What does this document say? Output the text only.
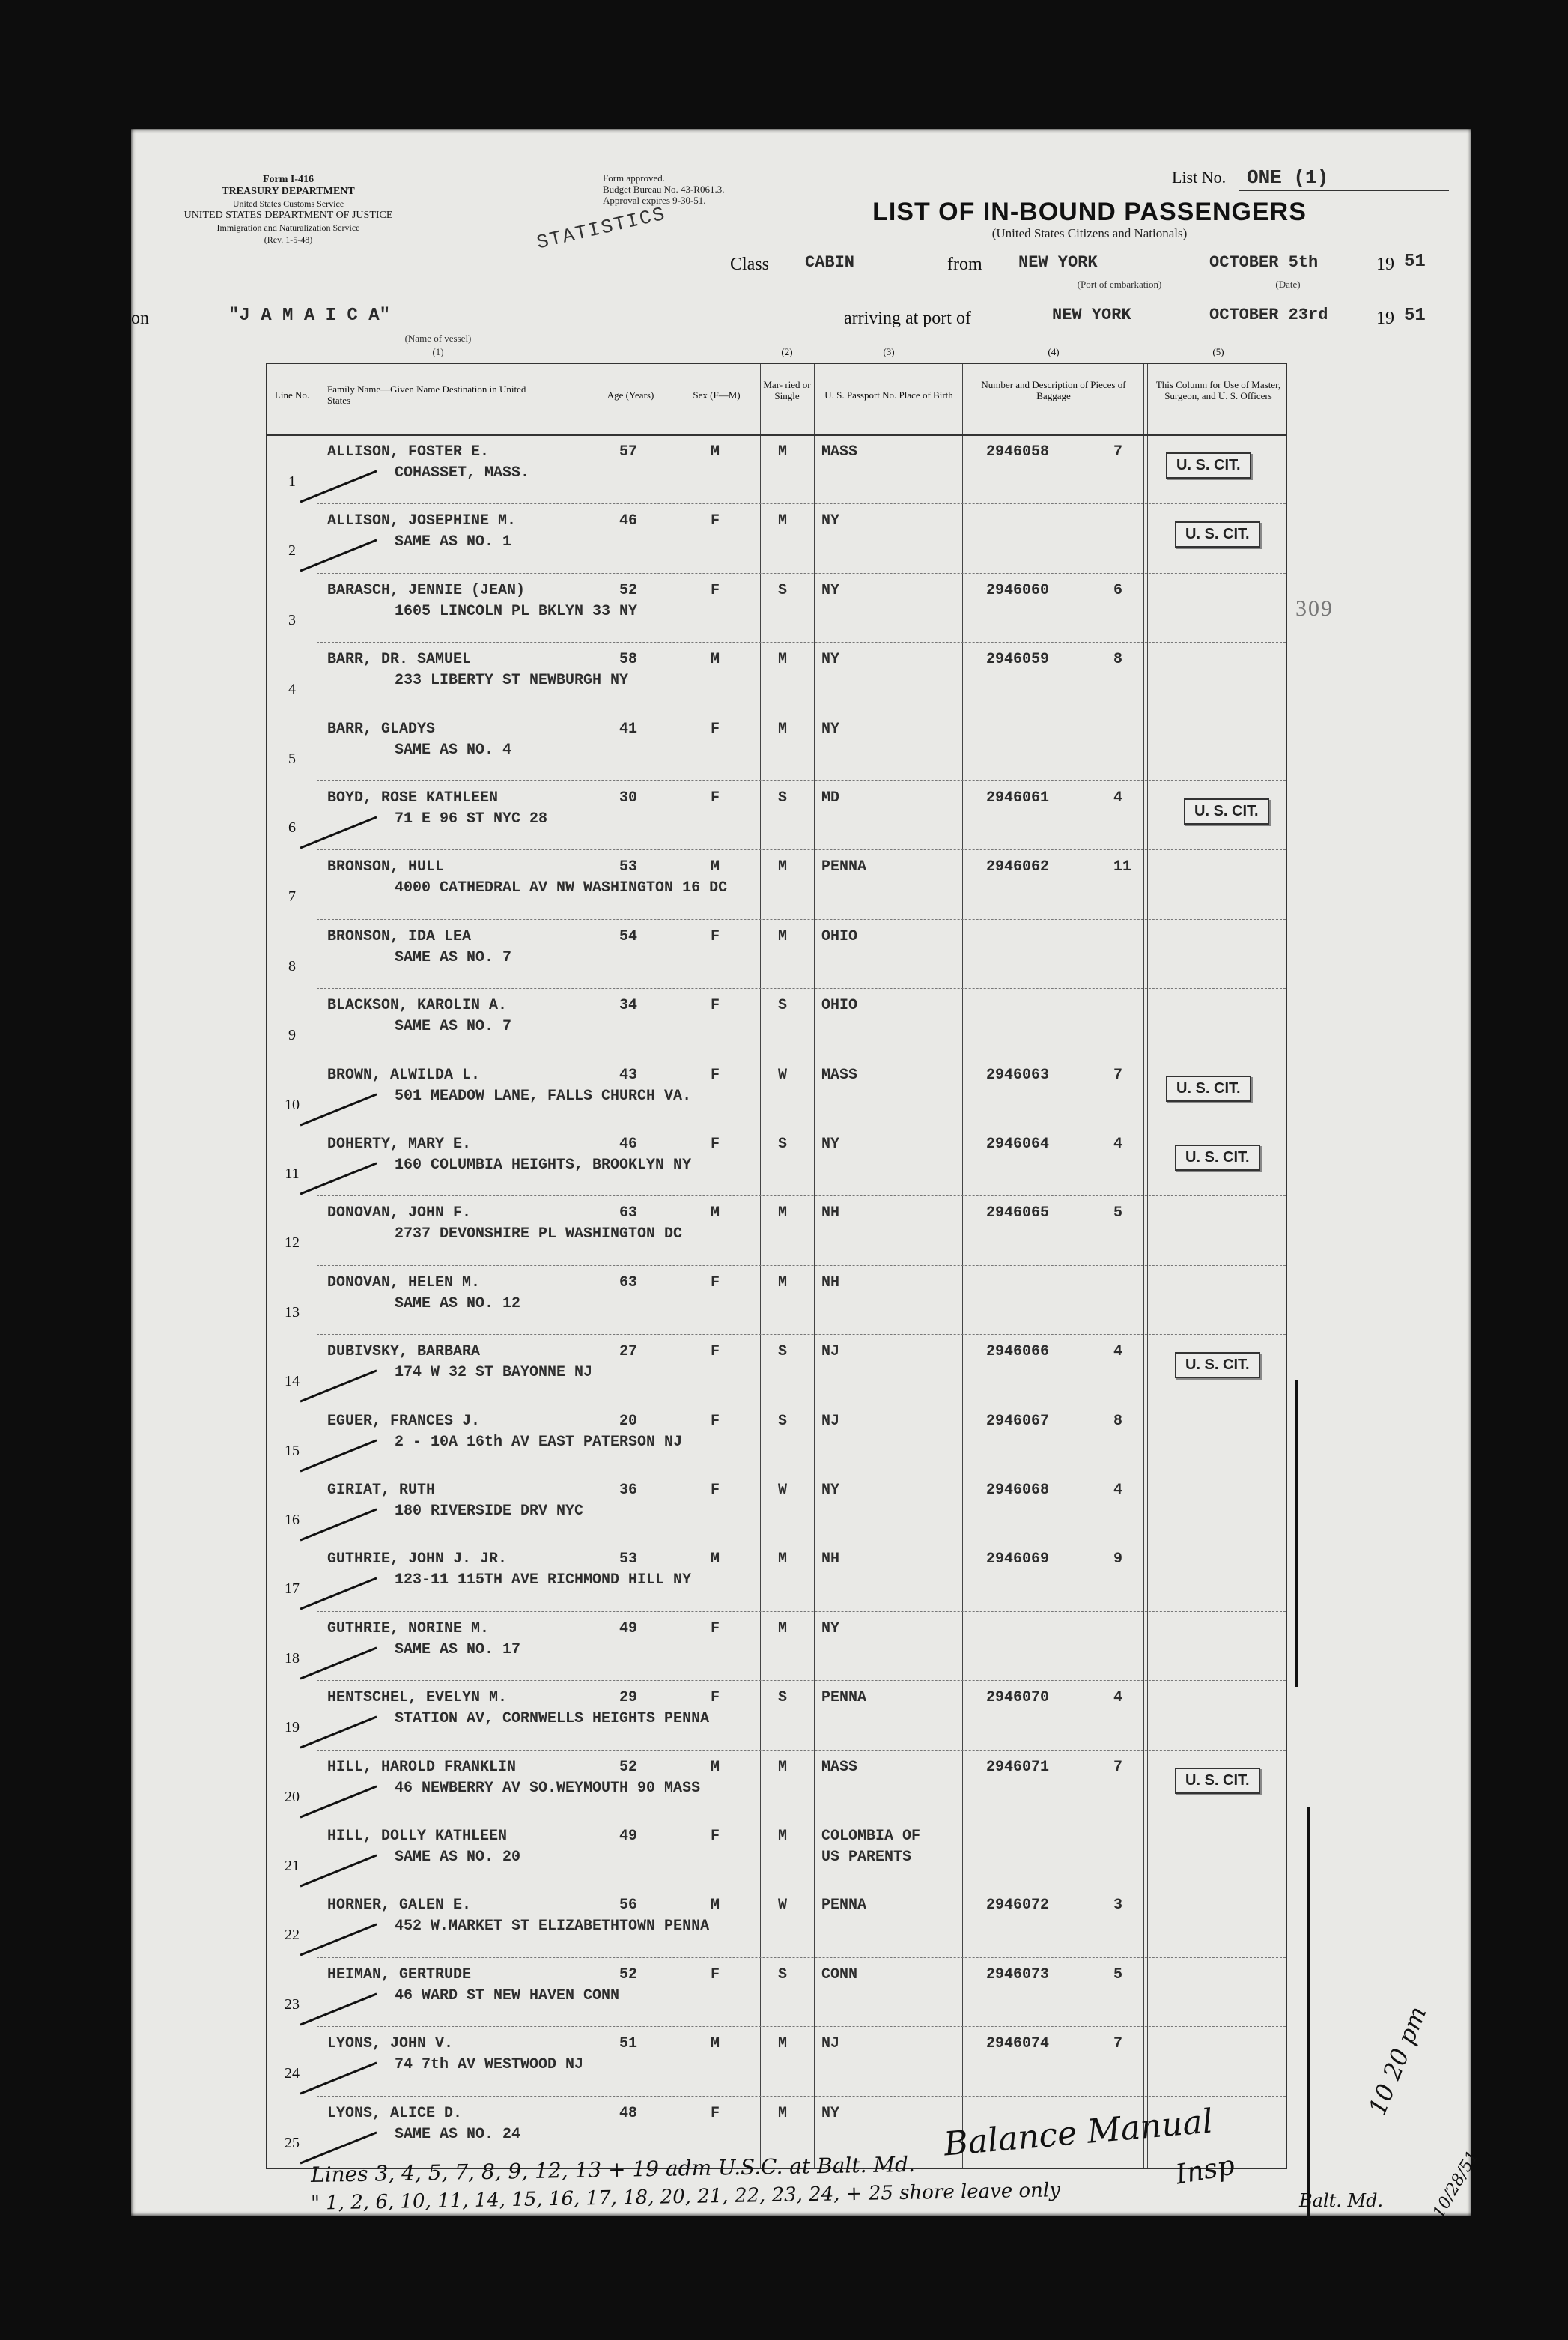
Form I-416
TREASURY DEPARTMENT
United States Customs Service
UNITED STATES DEPARTMENT OF JUSTICE
Immigration and Naturalization Service
(Rev. 1-5-48)
Form approved.
Budget Bureau No. 43-R061.3.
Approval expires 9-30-51.
STATISTICS
List No. ONE (1)
LIST OF IN-BOUND PASSENGERS
(United States Citizens and Nationals)
Class CABIN	from NEW YORK
(Port of embarkation)
OCTOBER 5th
(Date)
19 51
on	"J A M A I C A"
(Name of vessel)
(1)
arriving at port of	NEW YORK	OCTOBER 23rd	19 51
Line No.
Family Name—Given Name Destination in United States	Age (Years)	Sex (F—M)
Mar- ried or Single	U. S. Passport No. Place of Birth
Number and Description of Pieces of Baggage
This Column for Use of Master, Surgeon, and U. S. Officers
(2)	(3)	(4)	(5)
1
ALLISON, FOSTER E.
COHASSET, MASS.
57	M	M MASS	2946058	7
U. S. CIT.
2
ALLISON, JOSEPHINE M.
SAME AS NO. 1
46	F	M NY
U. S. CIT.
3
BARASCH, JENNIE (JEAN)
1605 LINCOLN PL BKLYN 33 NY
52	F	S NY	2946060	6
4
BARR, DR. SAMUEL
233 LIBERTY ST NEWBURGH NY
58	M	M NY	2946059	8
5
BARR, GLADYS
SAME AS NO. 4
41	F	M NY
6
BOYD, ROSE KATHLEEN
71 E 96 ST NYC 28
30	F	S MD	2946061	4
U. S. CIT.
7
BRONSON, HULL
4000 CATHEDRAL AV NW WASHINGTON 16 DC
53	M	M PENNA	2946062	11
8
BRONSON, IDA LEA
SAME AS NO. 7
54	F	M OHIO
9
BLACKSON, KAROLIN A.
SAME AS NO. 7
34	F	S OHIO
10
BROWN, ALWILDA L.
501 MEADOW LANE, FALLS CHURCH VA.
43	F	W MASS	2946063	7
U. S. CIT.
11
DOHERTY, MARY E.
160 COLUMBIA HEIGHTS, BROOKLYN NY
46	F	S NY	2946064	4
U. S. CIT.
12
DONOVAN, JOHN F.
2737 DEVONSHIRE PL WASHINGTON DC
63	M	M NH	2946065	5
13
DONOVAN, HELEN M.
SAME AS NO. 12
63	F	M NH
14
DUBIVSKY, BARBARA
174 W 32 ST BAYONNE NJ
27	F	S NJ	2946066	4
U. S. CIT.
15
EGUER, FRANCES J.
2 - 10A 16th AV EAST PATERSON NJ
20	F	S NJ	2946067	8
16
GIRIAT, RUTH
180 RIVERSIDE DRV NYC
36	F	W NY	2946068	4
17
GUTHRIE, JOHN J. JR.
123-11 115TH AVE RICHMOND HILL NY
53	M	M NH	2946069	9
18
GUTHRIE, NORINE M.
SAME AS NO. 17
49	F	M NY
19
HENTSCHEL, EVELYN M.
STATION AV, CORNWELLS HEIGHTS PENNA
29	F	S PENNA	2946070	4
20
HILL, HAROLD FRANKLIN
46 NEWBERRY AV SO.WEYMOUTH 90 MASS
52	M	M MASS	2946071	7
U. S. CIT.
21
HILL, DOLLY KATHLEEN
SAME AS NO. 20
49	F	M COLOMBIA OF
US PARENTS
22
HORNER, GALEN E.
452 W.MARKET ST ELIZABETHTOWN PENNA
56	M	W PENNA	2946072	3
23
HEIMAN, GERTRUDE
46 WARD ST NEW HAVEN CONN
52	F	S CONN	2946073	5
24
LYONS, JOHN V.
74 7th AV WESTWOOD NJ
51	M	M NJ	2946074	7
25
LYONS, ALICE D.
SAME AS NO. 24
48	F	M NY
309
Balance Manual
Insp
10 20 pm
Lines 3, 4, 5, 7, 8, 9, 12, 13 + 19 adm U.S.C. at Balt. Md.
" 1, 2, 6, 10, 11, 14, 15, 16, 17, 18, 20, 21, 22, 23, 24, + 25 shore leave only	Balt. Md.	10/28/51
